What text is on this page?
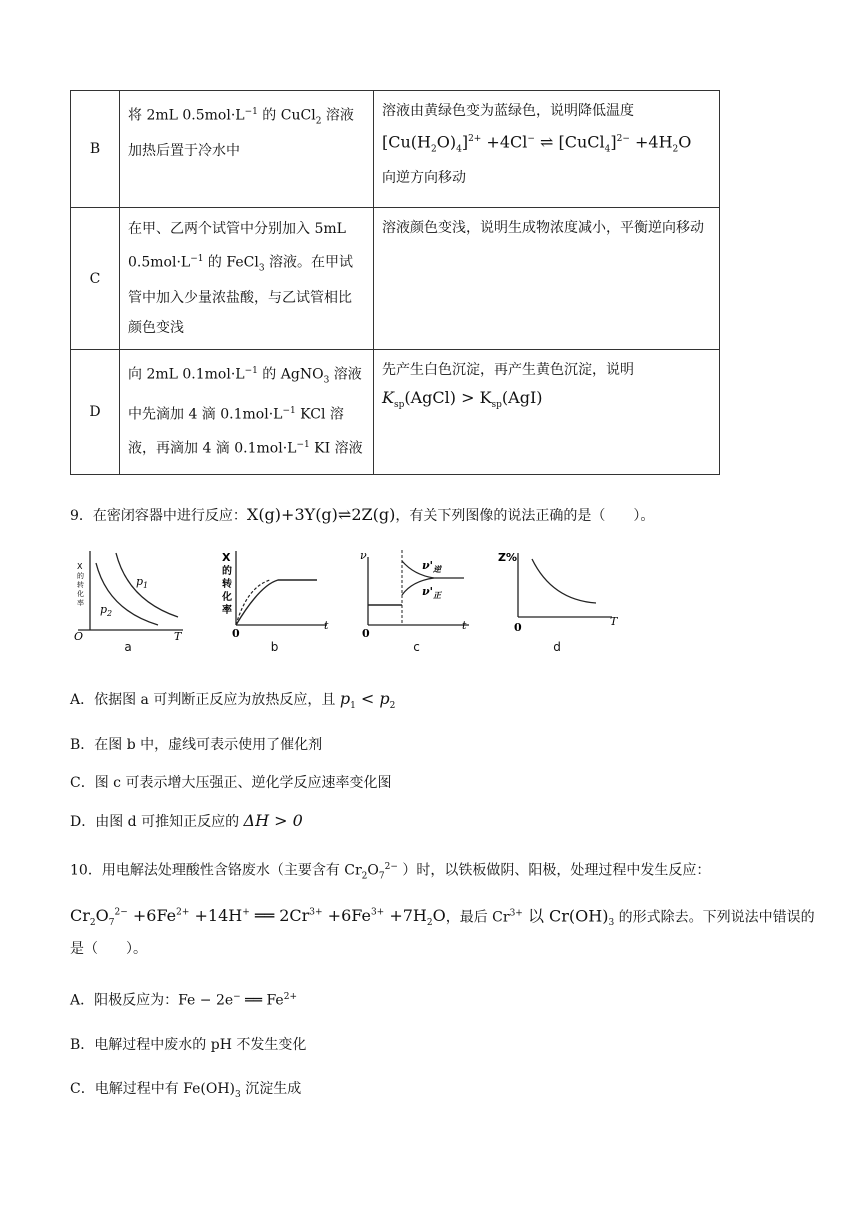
B	将 2mL $0.5mol\cdot L^{-1}$ 的 CuCl$_2$ 溶液加热后置于冷水中	溶液由黄绿色变为蓝绿色，说明降低温度
$[Cu(H_2O)_4]^{2+} +4Cl^-$ ⇌ [CuCl$_4$]$^{2-}$ $+4H_2O$
向逆方向移动

C	在甲、乙两个试管中分别加入 5mL $0.5mol\cdot L^{-1}$ 的 FeCl$_3$ 溶液。在甲试管中加入少量浓盐酸，与乙试管相比颜色变浅	溶液颜色变浅，说明生成物浓度减小，平衡逆向移动
D	向 2mL $0.1mol\cdot L^{-1}$ 的 AgNO$_3$ 溶液中先滴加 4 滴 $0.1mol\cdot L^{-1}$ KCl 溶液，再滴加 4 滴 $0.1mol\cdot L^{-1}$ KI 溶液	先产生白色沉淀，再产生黄色沉淀，说明
$K_{sp}(AgCl) > K_{sp}(AgI)$
9．在密闭容器中进行反应：X(g)+3Y(g)⇌2Z(g)，有关下列图像的说法正确的是（　　）。
X
的
转
化
率
$p_1$
$p_2$
O	T
a
X
的
转
化
率
0
t
b
ν
$\nu'_逆$
$\nu'_正$
0
t
c
Z%
0	T
d
A．依据图 a 可判断正反应为放热反应，且 $p_1 < p_2$
B．在图 b 中，虚线可表示使用了催化剂
C．图 c 可表示增大压强正、逆化学反应速率变化图
D．由图 d 可推知正反应的 ΔH > 0
10．用电解法处理酸性含铬废水（主要含有 $Cr_2O_7^{2-}$ ）时，以铁板做阴、阳极，处理过程中发生反应：
$Cr_2O_7^{2-} +6Fe^{2+} +14H^+$ ══ $2Cr^{3+} +6Fe^{3+} +7H_2O$，最后 $Cr^{3+}$ 以 $Cr(OH)_3$ 的形式除去。下列说法中错误的
是（　　）。
A．阳极反应为：Fe − 2e− ══ $Fe^{2+}$
B．电解过程中废水的 pH 不发生变化
C．电解过程中有 $Fe(OH)_3$ 沉淀生成
